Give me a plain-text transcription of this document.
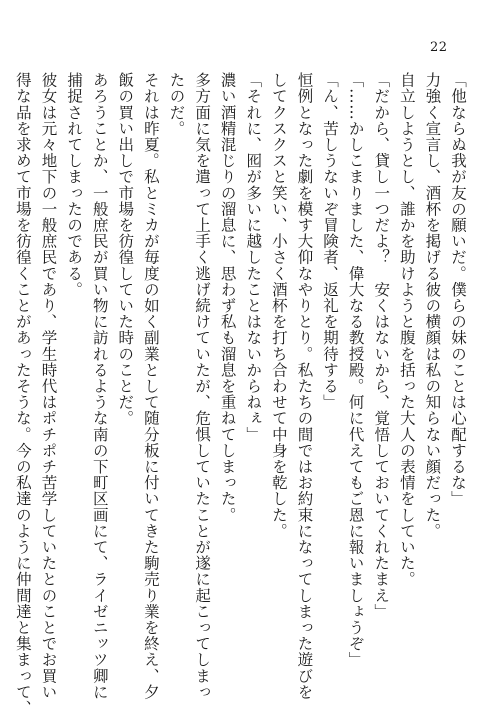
22
「他ならぬ我が友の願いだ。僕らの妹のことは心配するな」
力強く宣言し、酒杯を掲げる彼の横顔は私の知らない顔だった。
自立しようとし、誰かを助けようと腹を括った大人の表情をしていた。
「だから、貸し一つだよ？　安くはないから、覚悟しておいてくれたまえ」
「……かしこまりました、偉大なる教授殿。何に代えてもご恩に報いましょうぞ」
「ん、苦しうないぞ冒険者、返礼を期待する」
恒例となった劇を模す大仰なやりとり。私たちの間ではお約束になってしまった遊びを
してクスクスと笑い、小さく酒杯を打ち合わせて中身を乾した。
「それに、囮が多いに越したことはないからねぇ」
濃い酒精混じりの溜息に、思わず私も溜息を重ねてしまった。
多方面に気を遣って上手く逃げ続けていたが、危惧していたことが遂に起こってしまっ
たのだ。
それは昨夏。私とミカが毎度の如く副業として随分板に付いてきた駒売り業を終え、夕
飯の買い出しで市場を彷徨していた時のことだ。
あろうことか、一般庶民が買い物に訪れるような南の下町区画にて、ライゼニッツ卿に
捕捉されてしまったのである。
彼女は元々地下の一般庶民であり、学生時代はポチポチ苦学していたとのことでお買い
得な品を求めて市場を彷徨くことがあったそうな。今の私達のように仲間達と集まって、
